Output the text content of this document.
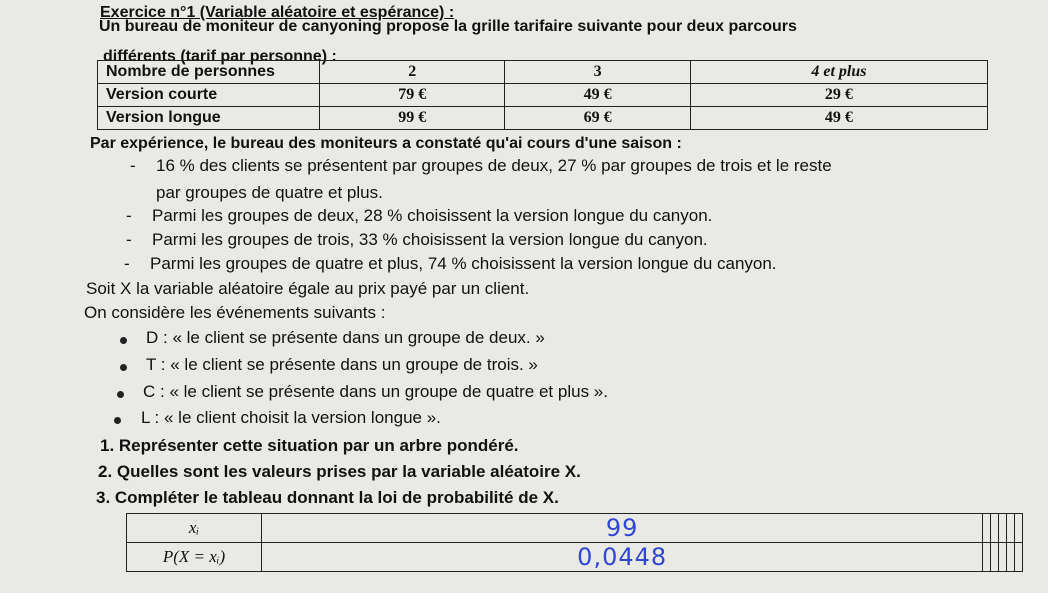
Exercice n°1 (Variable aléatoire et espérance) :
Un bureau de moniteur de canyoning propose la grille tarifaire suivante pour deux parcours
différents (tarif par personne) :
Nombre de personnes	2	3	4 et plus
Version courte	79 €	49 €	29 €
Version longue	99 €	69 €	49 €
Par expérience, le bureau des moniteurs a constaté qu'ai cours d'une saison :
- 16 % des clients se présentent par groupes de deux, 27 % par groupes de trois et le reste
par groupes de quatre et plus.
- Parmi les groupes de deux, 28 % choisissent la version longue du canyon.
- Parmi les groupes de trois, 33 % choisissent la version longue du canyon.
- Parmi les groupes de quatre et plus, 74 % choisissent la version longue du canyon.
Soit X la variable aléatoire égale au prix payé par un client.
On considère les événements suivants :
D : « le client se présente dans un groupe de deux. »
T : « le client se présente dans un groupe de trois. »
C : « le client se présente dans un groupe de quatre et plus ».
L : « le client choisit la version longue ».
1. Représenter cette situation par un arbre pondéré.
2. Quelles sont les valeurs prises par la variable aléatoire X.
3. Compléter le tableau donnant la loi de probabilité de X.
xᵢ	99					
P(X = xᵢ)	0,0448					
